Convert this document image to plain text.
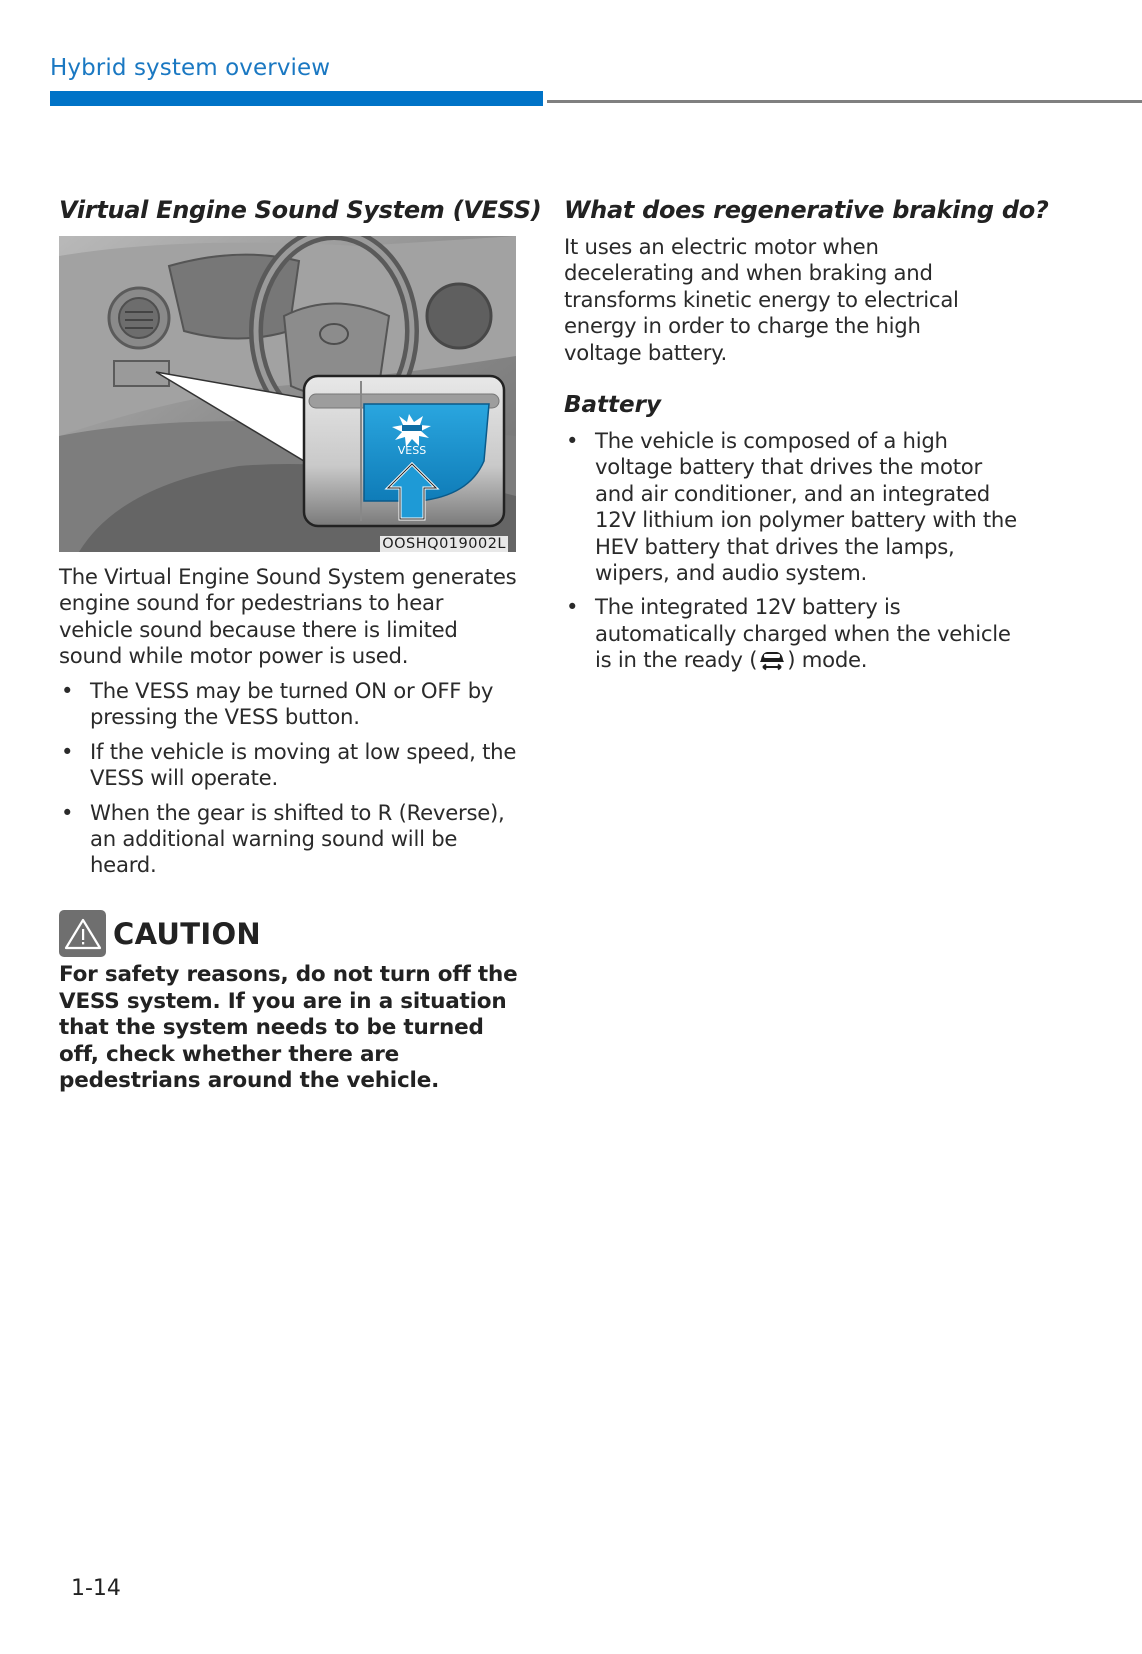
Hybrid system overview
Virtual Engine Sound System (VESS)
VESS
OOSHQ019002L
The Virtual Engine Sound System generates engine sound for pedestrians to hear vehicle sound because there is limited sound while motor power is used.
• The VESS may be turned ON or OFF by pressing the VESS button.
• If the vehicle is moving at low speed, the VESS will operate.
• When the gear is shifted to R (Reverse), an additional warning sound will be heard.
CAUTION
For safety reasons, do not turn off the VESS system. If you are in a situation that the system needs to be turned off, check whether there are pedestrians around the vehicle.
What does regenerative braking do?
It uses an electric motor when decelerating and when braking and transforms kinetic energy to electrical energy in order to charge the high voltage battery.
Battery
• The vehicle is composed of a high voltage battery that drives the motor and air conditioner, and an integrated 12V lithium ion polymer battery with the HEV battery that drives the lamps, wipers, and audio system.
• The integrated 12V battery is automatically charged when the vehicle is in the ready ( ) mode.
1-14
